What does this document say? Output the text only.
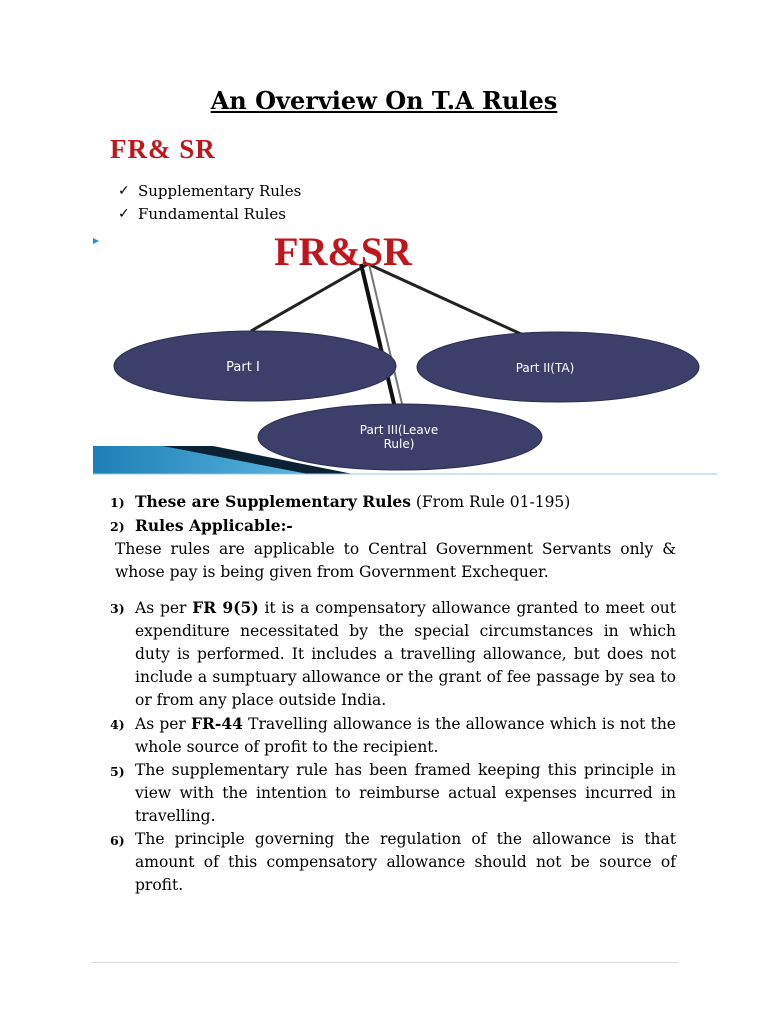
An Overview On T.A Rules
FR& SR
✓ Supplementary Rules
✓ Fundamental Rules
FR&SR
Part I	Part II(TA)
Part III(Leave
Rule)
1) These are Supplementary Rules (From Rule 01-195)
2) Rules Applicable:-
These rules are applicable to Central Government Servants only & whose pay is being given from Government Exchequer.
3) As per FR 9(5) it is a compensatory allowance granted to meet out expenditure necessitated by the special circumstances in which duty is performed. It includes a travelling allowance, but does not include a sumptuary allowance or the grant of fee passage by sea to or from any place outside India.
4) As per FR-44 Travelling allowance is the allowance which is not the whole source of profit to the recipient.
5) The supplementary rule has been framed keeping this principle in view with the intention to reimburse actual expenses incurred in travelling.
6) The principle governing the regulation of the allowance is that amount of this compensatory allowance should not be source of profit.
